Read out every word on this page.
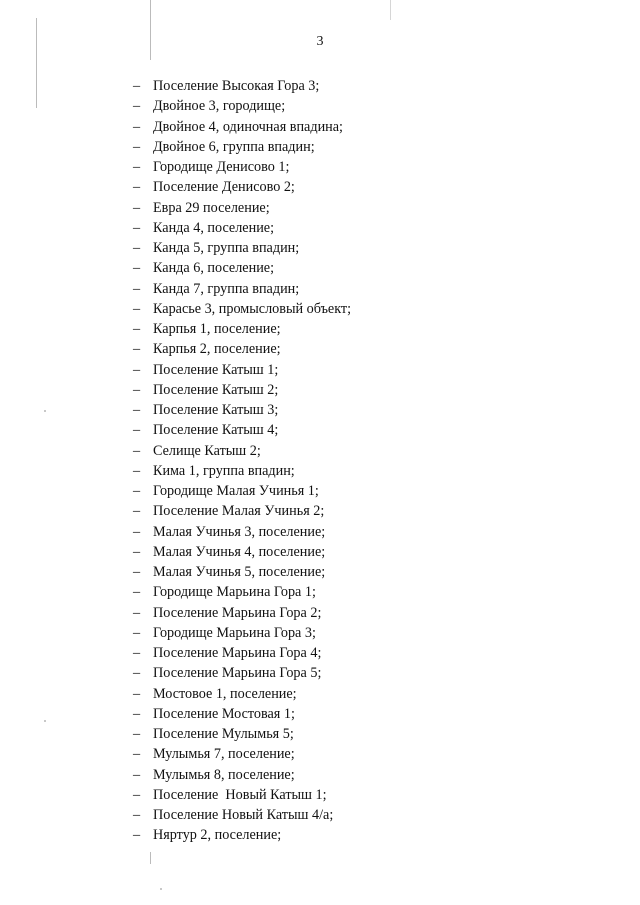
3
– Поселение Высокая Гора 3;
– Двойное 3, городище;
– Двойное 4, одиночная впадина;
– Двойное 6, группа впадин;
– Городище Денисово 1;
– Поселение Денисово 2;
– Евра 29 поселение;
– Канда 4, поселение;
– Канда 5, группа впадин;
– Канда 6, поселение;
– Канда 7, группа впадин;
– Карасье 3, промысловый объект;
– Карпья 1, поселение;
– Карпья 2, поселение;
– Поселение Катыш 1;
– Поселение Катыш 2;
– Поселение Катыш 3;
– Поселение Катыш 4;
– Селище Катыш 2;
– Кима 1, группа впадин;
– Городище Малая Учинья 1;
– Поселение Малая Учинья 2;
– Малая Учинья 3, поселение;
– Малая Учинья 4, поселение;
– Малая Учинья 5, поселение;
– Городище Марьина Гора 1;
– Поселение Марьина Гора 2;
– Городище Марьина Гора 3;
– Поселение Марьина Гора 4;
– Поселение Марьина Гора 5;
– Мостовое 1, поселение;
– Поселение Мостовая 1;
– Поселение Мулымья 5;
– Мулымья 7, поселение;
– Мулымья 8, поселение;
– Поселение  Новый Катыш 1;
– Поселение Новый Катыш 4/а;
– Няртур 2, поселение;
